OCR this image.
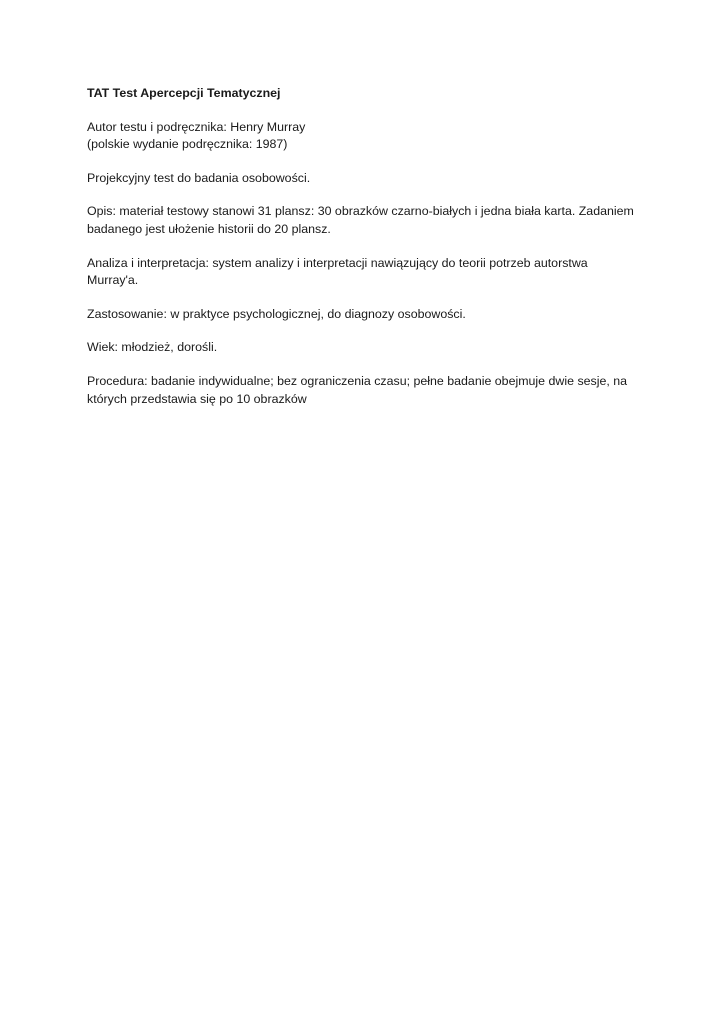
TAT Test Apercepcji Tematycznej
Autor testu i podręcznika: Henry Murray
(polskie wydanie podręcznika: 1987)
Projekcyjny test do badania osobowości.
Opis: materiał testowy stanowi 31 plansz: 30 obrazków czarno-białych i jedna biała karta. Zadaniem
badanego jest ułożenie historii do 20 plansz.
Analiza i interpretacja: system analizy i interpretacji nawiązujący do teorii potrzeb autorstwa
Murray'a.
Zastosowanie: w praktyce psychologicznej, do diagnozy osobowości.
Wiek: młodzież, dorośli.
Procedura: badanie indywidualne; bez ograniczenia czasu; pełne badanie obejmuje dwie sesje, na
których przedstawia się po 10 obrazków
